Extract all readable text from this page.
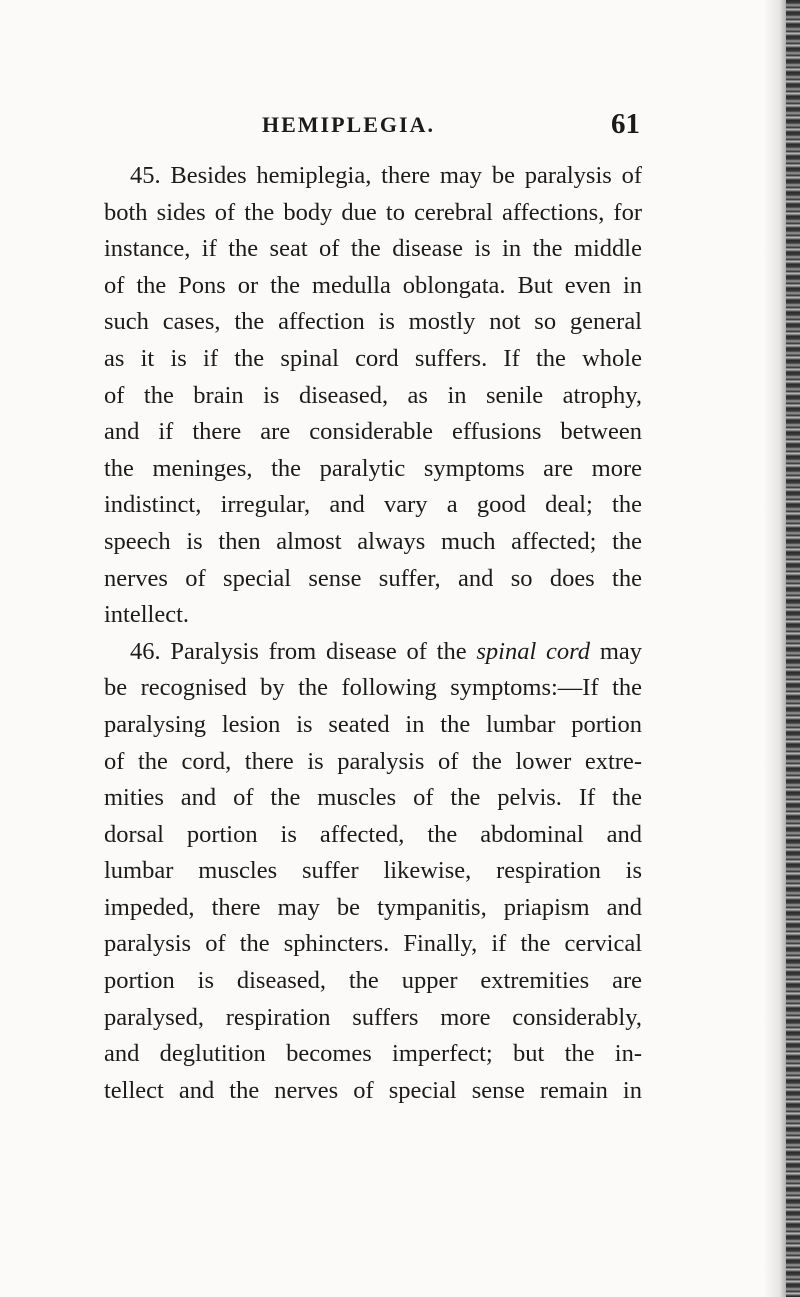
HEMIPLEGIA.	61
45. Besides hemiplegia, there may be paralysis of
both sides of the body due to cerebral affections, for
instance, if the seat of the disease is in the middle
of the Pons or the medulla oblongata. But even in
such cases, the affection is mostly not so general
as it is if the spinal cord suffers. If the whole
of the brain is diseased, as in senile atrophy,
and if there are considerable effusions between
the meninges, the paralytic symptoms are more
indistinct, irregular, and vary a good deal; the
speech is then almost always much affected; the
nerves of special sense suffer, and so does the
intellect.
46. Paralysis from disease of the spinal cord may
be recognised by the following symptoms:—If the
paralysing lesion is seated in the lumbar portion
of the cord, there is paralysis of the lower extre-
mities and of the muscles of the pelvis. If the
dorsal portion is affected, the abdominal and
lumbar muscles suffer likewise, respiration is
impeded, there may be tympanitis, priapism and
paralysis of the sphincters. Finally, if the cervical
portion is diseased, the upper extremities are
paralysed, respiration suffers more considerably,
and deglutition becomes imperfect; but the in-
tellect and the nerves of special sense remain in
